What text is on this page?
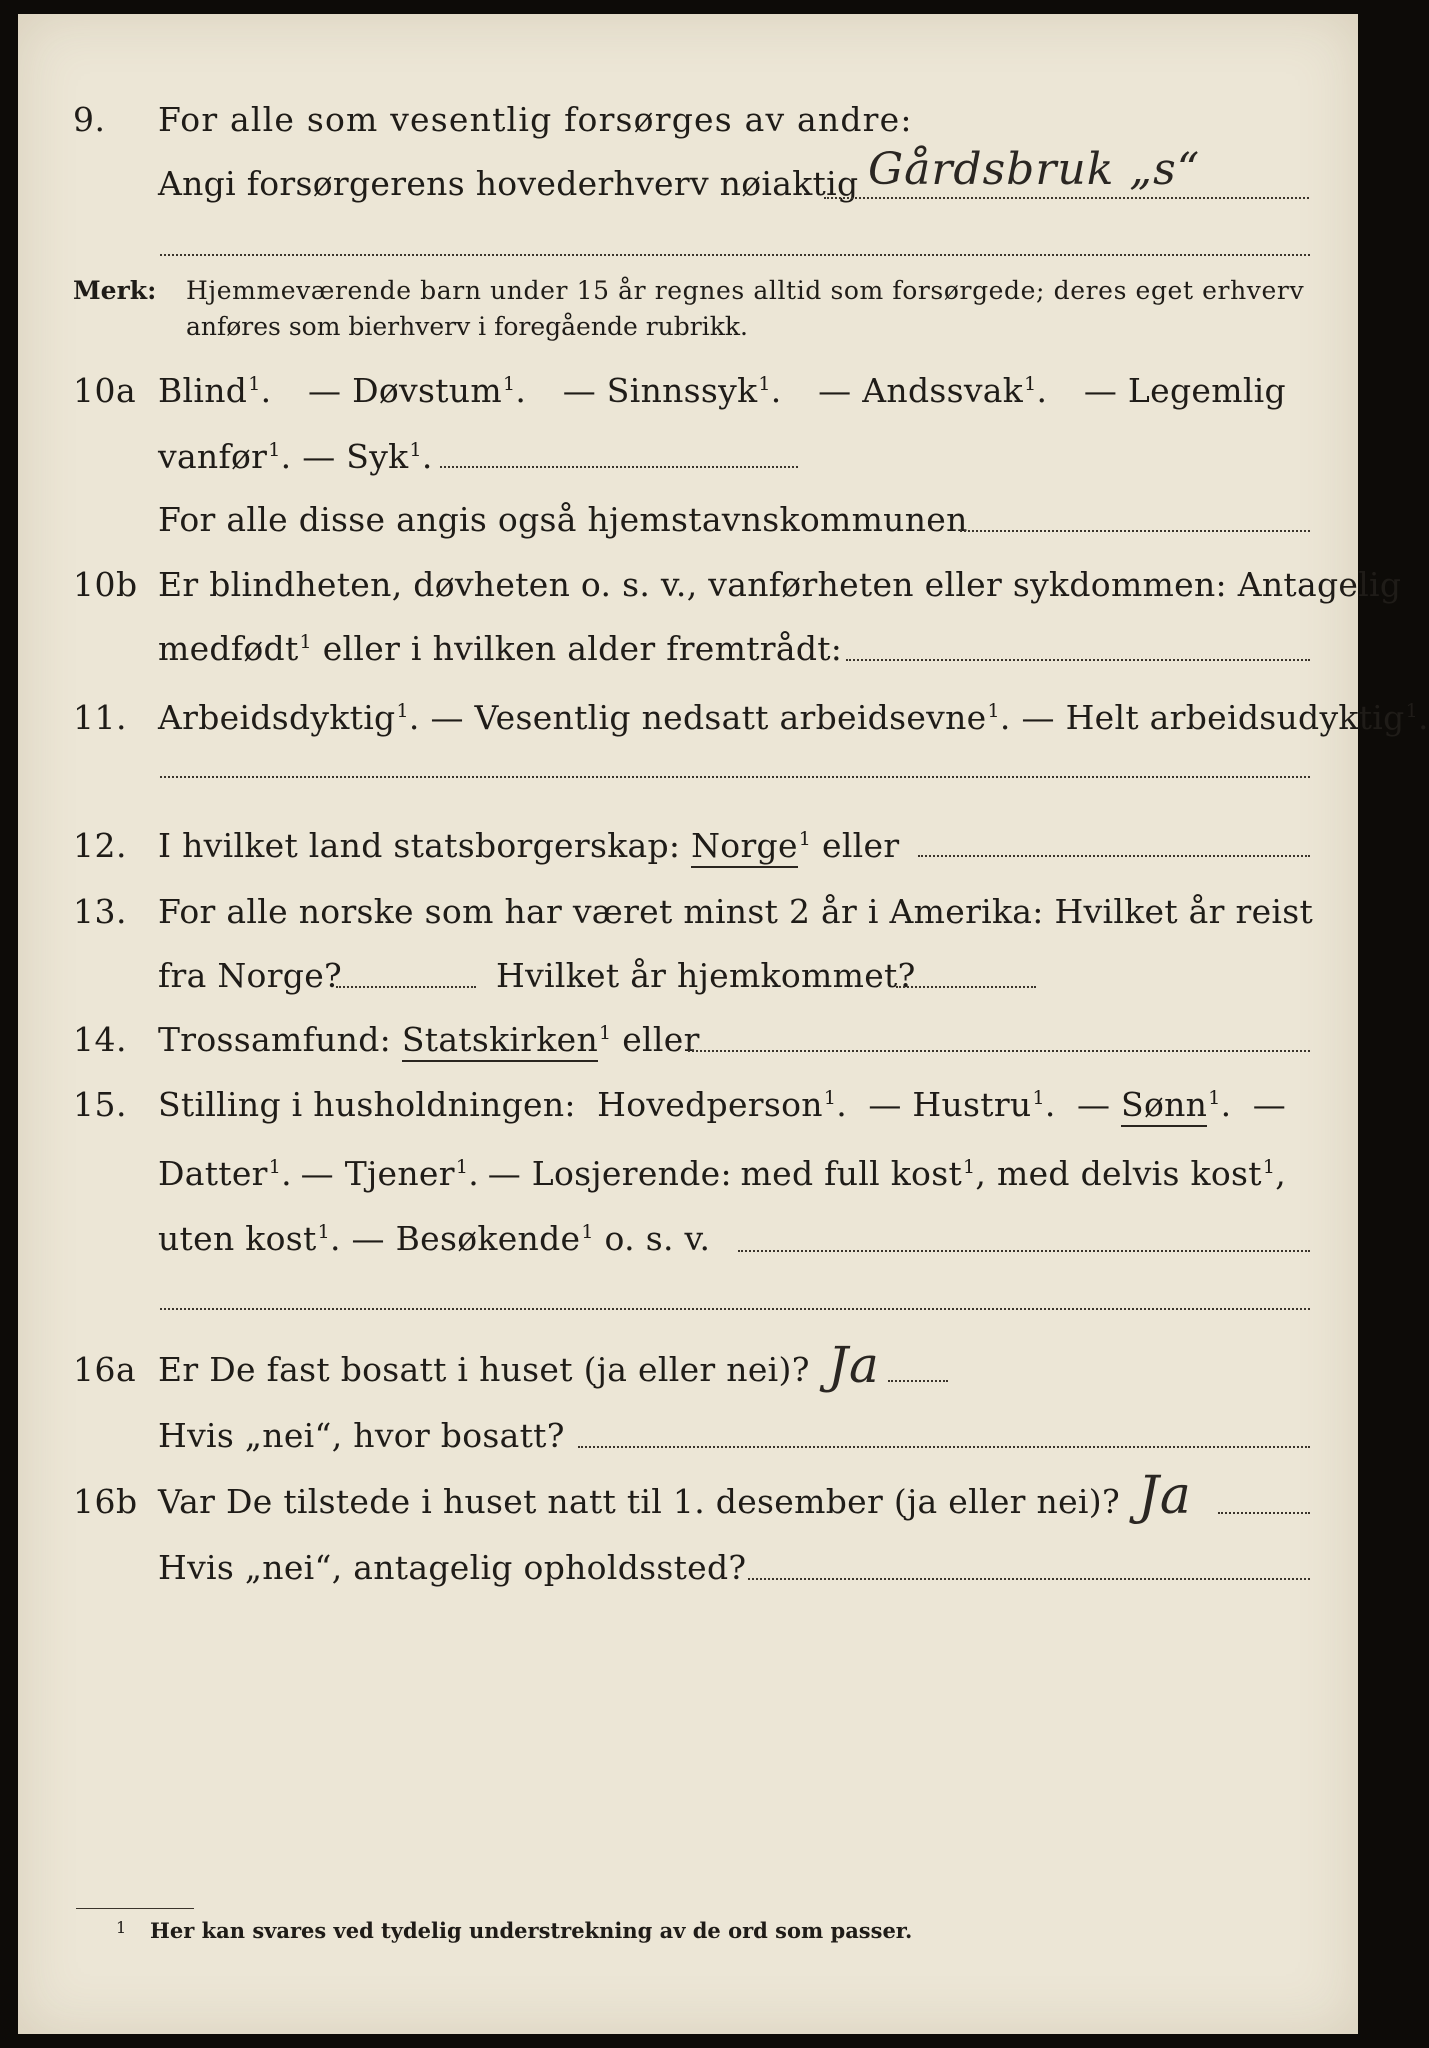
9. For alle som vesentlig forsørges av andre:
Angi forsørgerens hovederhverv nøiaktig Gårdsbruk „s“
Merk: Hjemmeværende barn under 15 år regnes alltid som forsørgede; deres eget erhverv
anføres som bierhverv i foregående rubrikk.
10a Blind$^1$. — Døvstum$^1$. — Sinnssyk$^1$. — Andssvak$^1$. — Legemlig
vanfør$^1$. — Syk$^1$.
For alle disse angis også hjemstavnskommunen
10b Er blindheten, døvheten o. s. v., vanførheten eller sykdommen: Antagelig
medfødt$^1$ eller i hvilken alder fremtrådt:
11. Arbeidsdyktig$^1$. — Vesentlig nedsatt arbeidsevne$^1$. — Helt arbeidsudyktig$^1$.
12. I hvilket land statsborgerskap: Norge$^1$ eller
13. For alle norske som har været minst 2 år i Amerika: Hvilket år reist
fra Norge?	Hvilket år hjemkommet?
14. Trossamfund: Statskirken$^1$ eller
15. Stilling i husholdningen: Hovedperson$^1$. — Hustru$^1$. — Sønn$^1$. —
Datter$^1$. — Tjener$^1$. — Losjerende: med full kost$^1$, med delvis kost$^1$,
uten kost$^1$. — Besøkende$^1$ o. s. v.
16a Er De fast bosatt i huset (ja eller nei)? Ja
Hvis „nei“, hvor bosatt?
16b Var De tilstede i huset natt til 1. desember (ja eller nei)? Ja
Hvis „nei“, antagelig opholdssted?
1 Her kan svares ved tydelig understrekning av de ord som passer.
